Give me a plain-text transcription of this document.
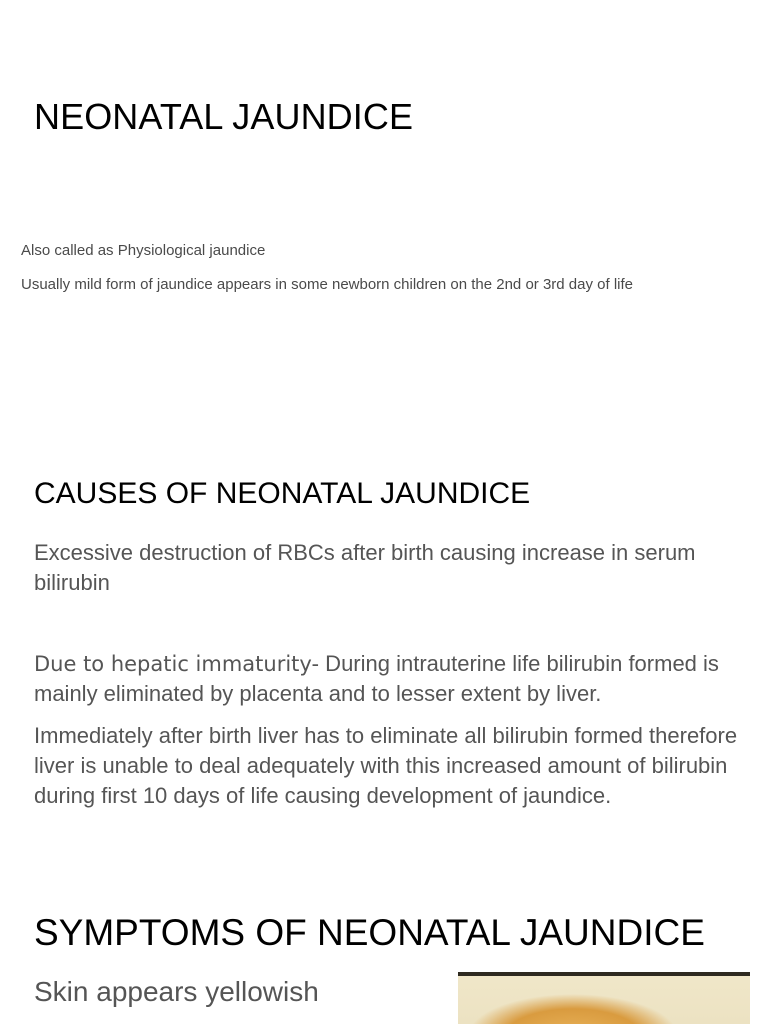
NEONATAL JAUNDICE
Also called as Physiological jaundice
Usually mild form of jaundice appears in some newborn children on the 2nd or 3rd day of life
CAUSES OF NEONATAL JAUNDICE

Excessive destruction of RBCs after birth causing increase in serum bilirubin

Due to hepatic immaturity- During intrauterine life bilirubin formed is mainly eliminated by placenta and to lesser extent by liver.

Immediately after birth liver has to eliminate all bilirubin formed therefore liver is unable to deal adequately with this increased amount of bilirubin during first 10 days of life causing development of jaundice.

SYMPTOMS OF NEONATAL JAUNDICE
Skin appears yellowish
